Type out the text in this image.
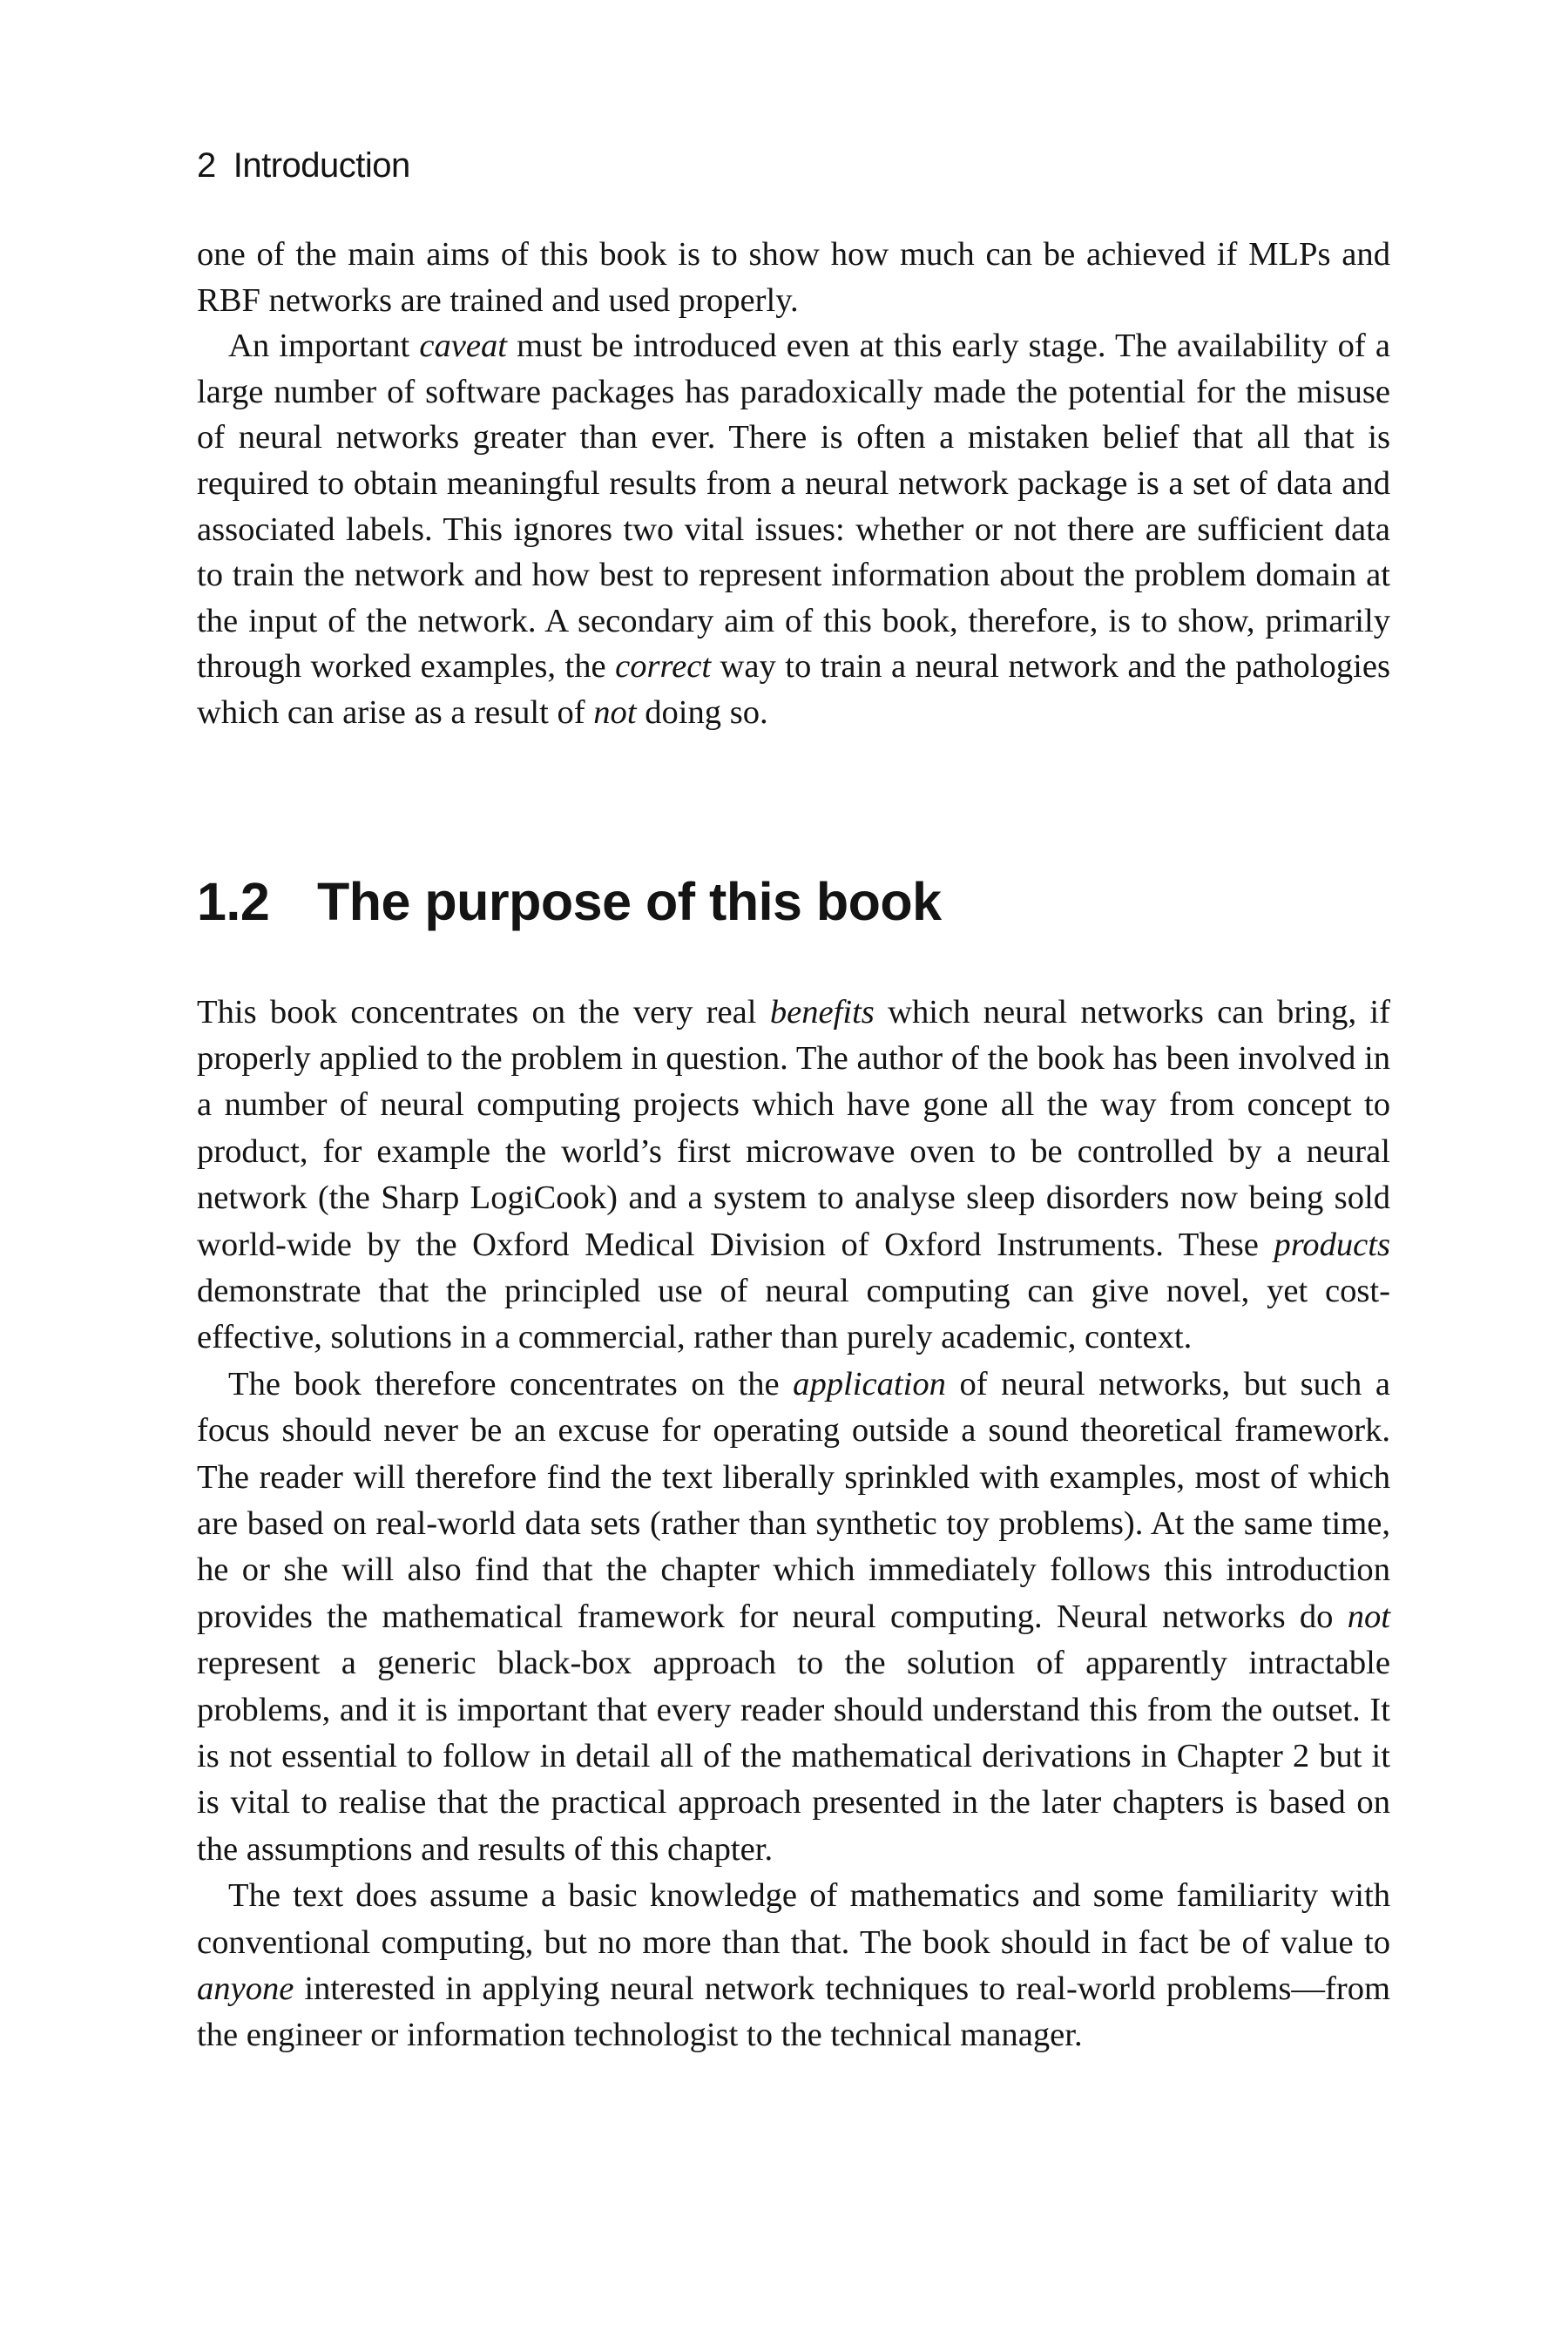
2 Introduction

one of the main aims of this book is to show how much can be achieved if MLPs and RBF networks are trained and used properly.

An important caveat must be introduced even at this early stage. The availability of a large number of software packages has paradoxically made the potential for the misuse of neural networks greater than ever. There is often a mistaken belief that all that is required to obtain meaningful results from a neural network package is a set of data and associated labels. This ignores two vital issues: whether or not there are sufficient data to train the network and how best to represent information about the problem domain at the input of the network. A secondary aim of this book, therefore, is to show, primarily through worked examples, the correct way to train a neural network and the pathologies which can arise as a result of not doing so.

1.2 The purpose of this book

This book concentrates on the very real benefits which neural networks can bring, if properly applied to the problem in question. The author of the book has been involved in a number of neural computing projects which have gone all the way from concept to product, for example the world’s first microwave oven to be controlled by a neural network (the Sharp LogiCook) and a system to analyse sleep disorders now being sold world-wide by the Oxford Medical Division of Oxford Instruments. These products demonstrate that the principled use of neural computing can give novel, yet cost-effective, solutions in a commercial, rather than purely academic, context.

The book therefore concentrates on the application of neural networks, but such a focus should never be an excuse for operating outside a sound theoretical framework. The reader will therefore find the text liberally sprinkled with examples, most of which are based on real-world data sets (rather than synthetic toy problems). At the same time, he or she will also find that the chapter which immediately follows this introduction provides the mathematical framework for neural computing. Neural networks do not represent a generic black-box approach to the solution of apparently intractable problems, and it is important that every reader should understand this from the outset. It is not essential to follow in detail all of the mathematical derivations in Chapter 2 but it is vital to realise that the practical approach presented in the later chapters is based on the assumptions and results of this chapter.

The text does assume a basic knowledge of mathematics and some familiarity with conventional computing, but no more than that. The book should in fact be of value to anyone interested in applying neural network techniques to real-world problems—from the engineer or information technologist to the technical manager.
